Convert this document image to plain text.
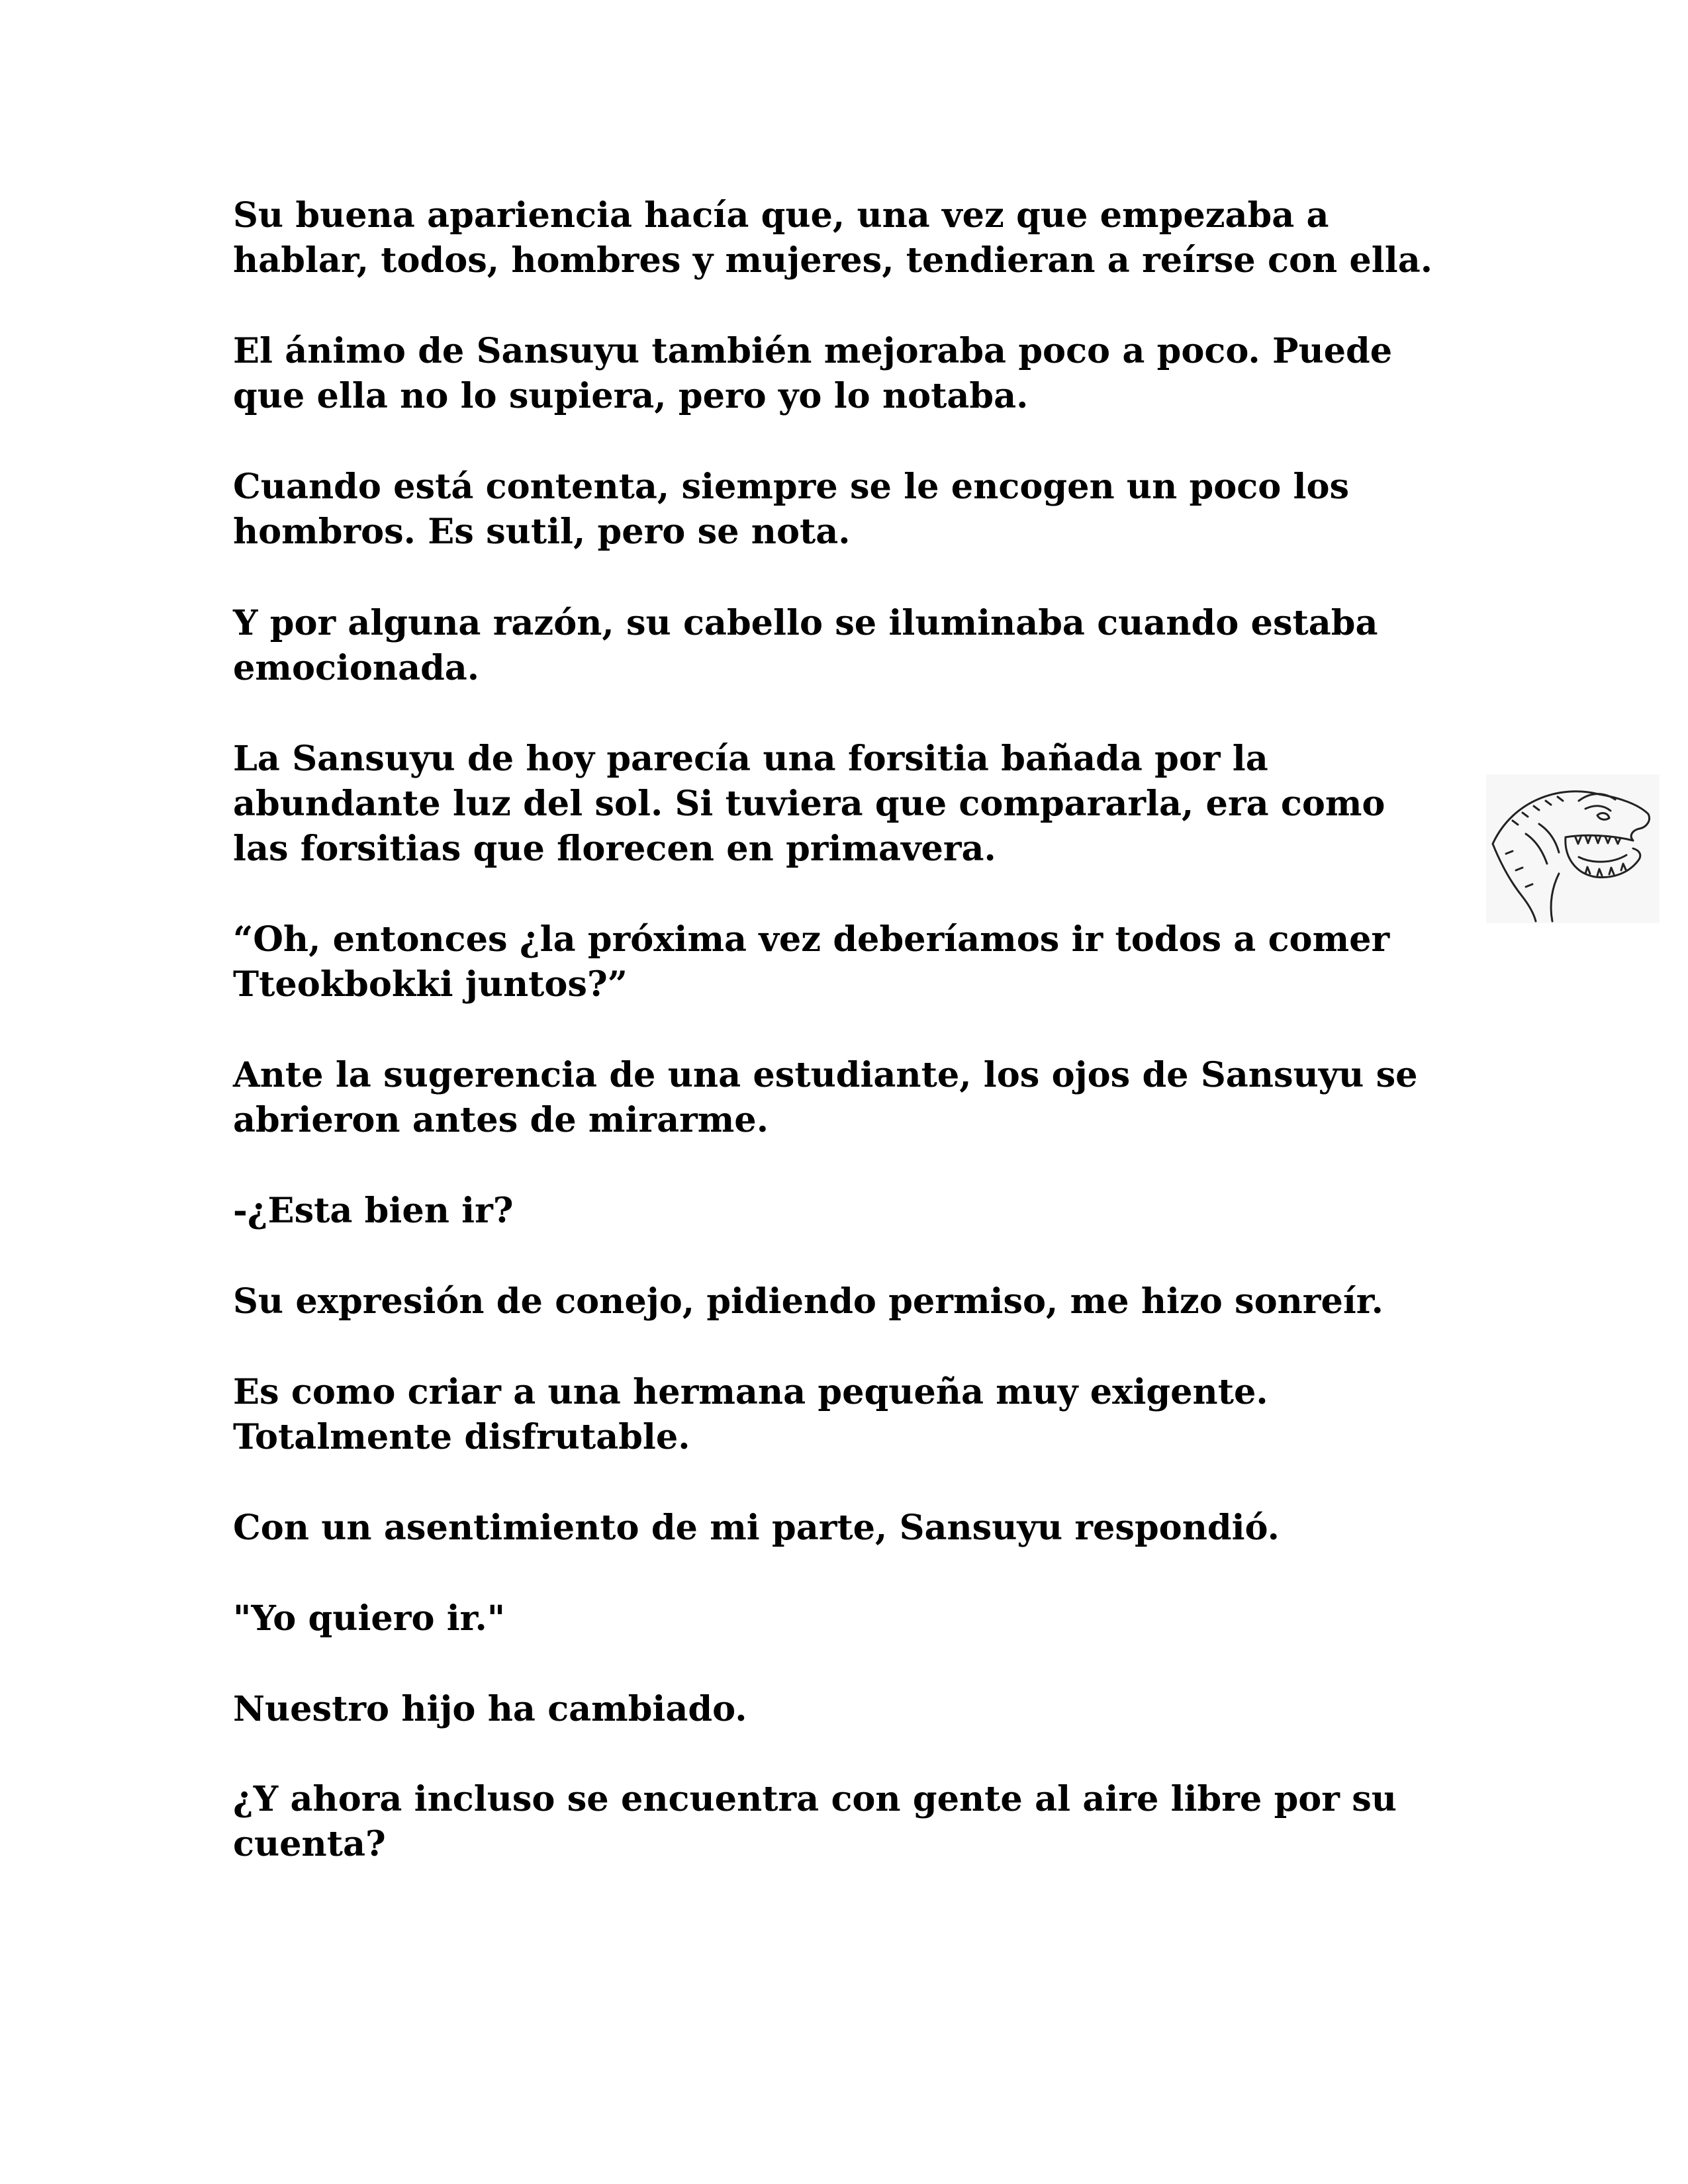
Su buena apariencia hacía que, una vez que empezaba a
hablar, todos, hombres y mujeres, tendieran a reírse con ella.

El ánimo de Sansuyu también mejoraba poco a poco. Puede
que ella no lo supiera, pero yo lo notaba.

Cuando está contenta, siempre se le encogen un poco los
hombros. Es sutil, pero se nota.

Y por alguna razón, su cabello se iluminaba cuando estaba
emocionada.

La Sansuyu de hoy parecía una forsitia bañada por la
abundante luz del sol. Si tuviera que compararla, era como
las forsitias que florecen en primavera.

“Oh, entonces ¿la próxima vez deberíamos ir todos a comer
Tteokbokki juntos?”

Ante la sugerencia de una estudiante, los ojos de Sansuyu se
abrieron antes de mirarme.

-¿Esta bien ir?

Su expresión de conejo, pidiendo permiso, me hizo sonreír.

Es como criar a una hermana pequeña muy exigente.
Totalmente disfrutable.

Con un asentimiento de mi parte, Sansuyu respondió.

"Yo quiero ir."

Nuestro hijo ha cambiado.

¿Y ahora incluso se encuentra con gente al aire libre por su
cuenta?
